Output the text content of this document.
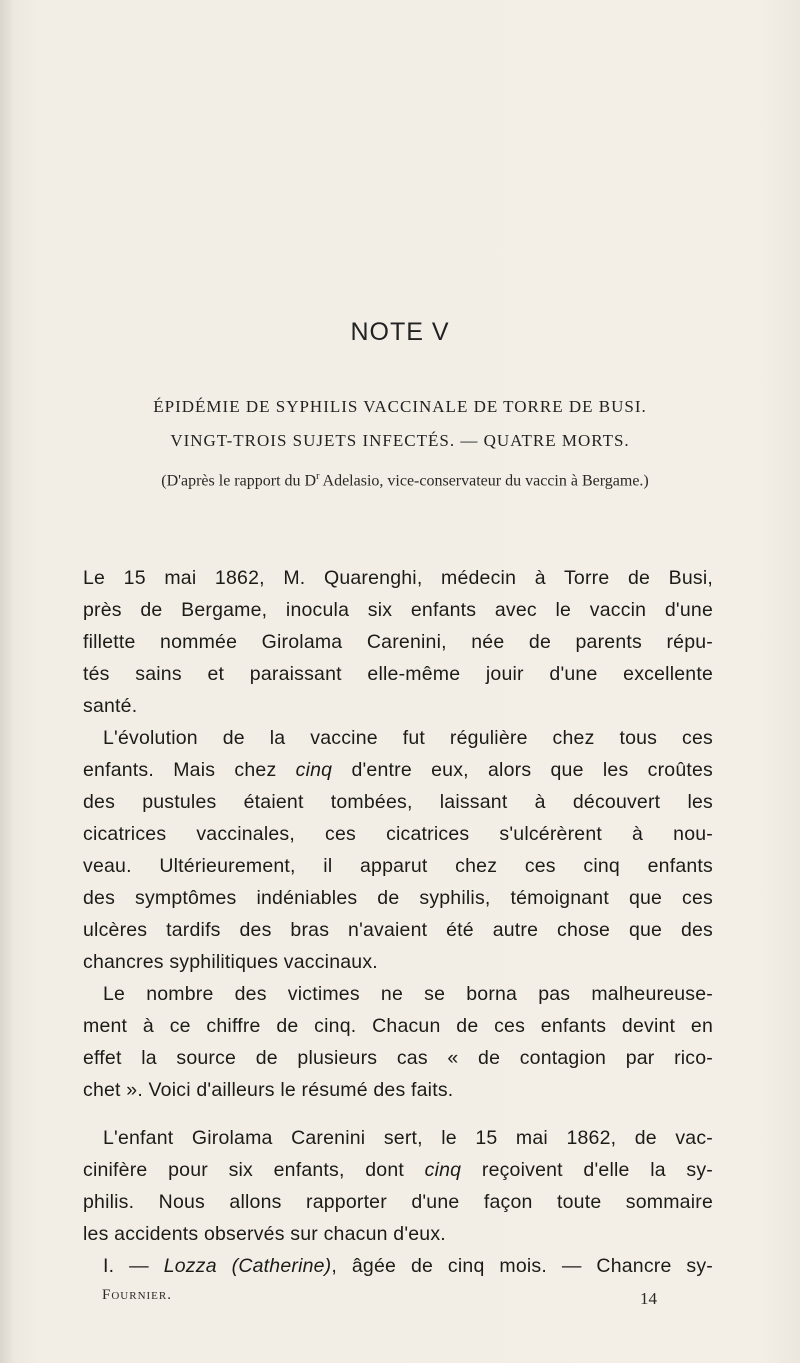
NOTE V
ÉPIDÉMIE DE SYPHILIS VACCINALE DE TORRE DE BUSI.
VINGT-TROIS SUJETS INFECTÉS. — QUATRE MORTS.
(D'après le rapport du $D^r$ Adelasio, vice-conservateur du vaccin à Bergame.)
Le 15 mai 1862, M. Quarenghi, médecin à Torre de Busi,
près de Bergame, inocula six enfants avec le vaccin d'une
fillette nommée Girolama Carenini, née de parents répu-
tés sains et paraissant elle-même jouir d'une excellente
santé.
L'évolution de la vaccine fut régulière chez tous ces
enfants. Mais chez cinq d'entre eux, alors que les croûtes
des pustules étaient tombées, laissant à découvert les
cicatrices vaccinales, ces cicatrices s'ulcérèrent à nou-
veau. Ultérieurement, il apparut chez ces cinq enfants
des symptômes indéniables de syphilis, témoignant que ces
ulcères tardifs des bras n'avaient été autre chose que des
chancres syphilitiques vaccinaux.
Le nombre des victimes ne se borna pas malheureuse-
ment à ce chiffre de cinq. Chacun de ces enfants devint en
effet la source de plusieurs cas « de contagion par rico-
chet ». Voici d'ailleurs le résumé des faits.
L'enfant Girolama Carenini sert, le 15 mai 1862, de vac-
cinifère pour six enfants, dont cinq reçoivent d'elle la sy-
philis. Nous allons rapporter d'une façon toute sommaire
les accidents observés sur chacun d'eux.
I. — Lozza (Catherine), âgée de cinq mois. — Chancre sy-
Fournier.	14
